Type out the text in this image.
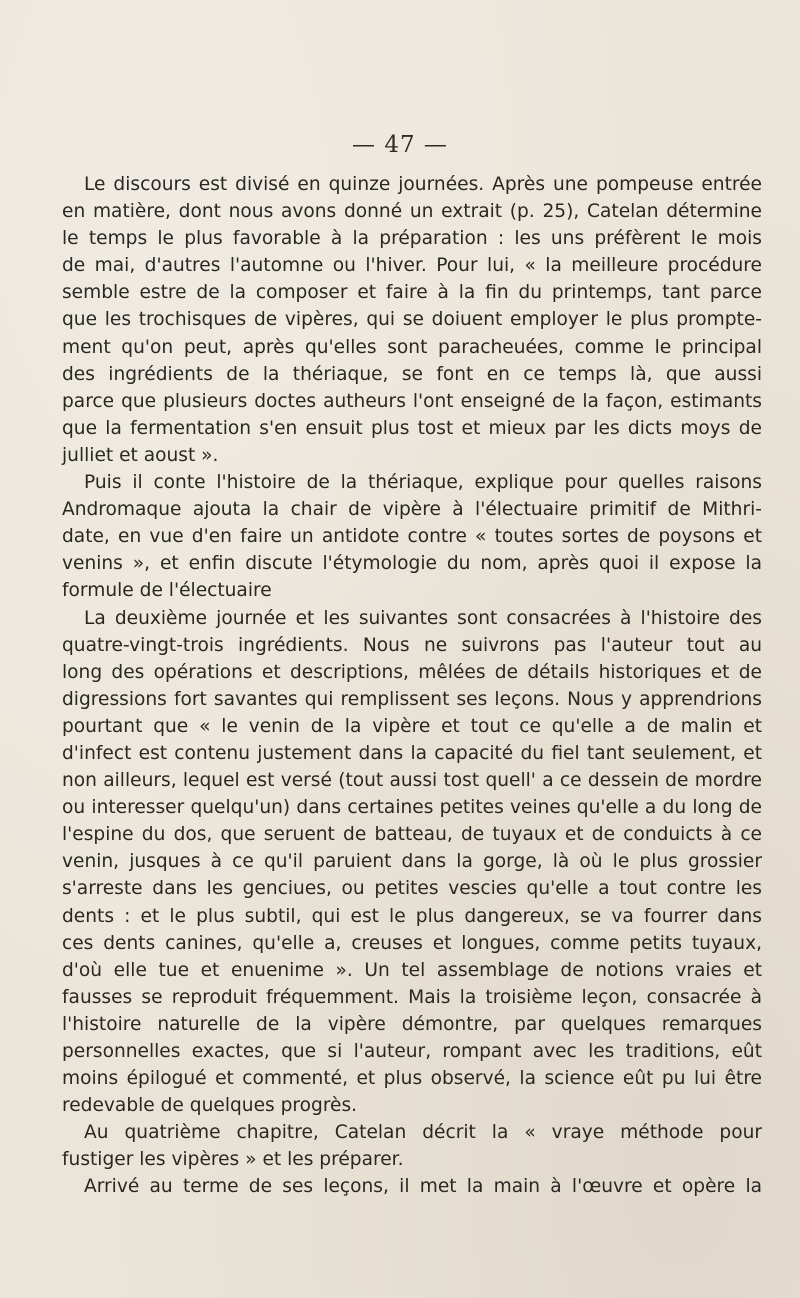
— 47 —
Le discours est divisé en quinze journées. Après une pompeuse entrée
en matière, dont nous avons donné un extrait (p. 25), Catelan détermine
le temps le plus favorable à la préparation : les uns préfèrent le mois
de mai, d'autres l'automne ou l'hiver. Pour lui, « la meilleure procédure
semble estre de la composer et faire à la fin du printemps, tant parce
que les trochisques de vipères, qui se doiuent employer le plus prompte-
ment qu'on peut, après qu'elles sont paracheuées, comme le principal
des ingrédients de la thériaque, se font en ce temps là, que aussi
parce que plusieurs doctes autheurs l'ont enseigné de la façon, estimants
que la fermentation s'en ensuit plus tost et mieux par les dicts moys de
julliet et aoust ».
Puis il conte l'histoire de la thériaque, explique pour quelles raisons
Andromaque ajouta la chair de vipère à l'électuaire primitif de Mithri-
date, en vue d'en faire un antidote contre « toutes sortes de poysons et
venins », et enfin discute l'étymologie du nom, après quoi il expose la
formule de l'électuaire
La deuxième journée et les suivantes sont consacrées à l'histoire des
quatre-vingt-trois ingrédients. Nous ne suivrons pas l'auteur tout au
long des opérations et descriptions, mêlées de détails historiques et de
digressions fort savantes qui remplissent ses leçons. Nous y apprendrions
pourtant que « le venin de la vipère et tout ce qu'elle a de malin et
d'infect est contenu justement dans la capacité du fiel tant seulement, et
non ailleurs, lequel est versé (tout aussi tost quell' a ce dessein de mordre
ou interesser quelqu'un) dans certaines petites veines qu'elle a du long de
l'espine du dos, que seruent de batteau, de tuyaux et de conduicts à ce
venin, jusques à ce qu'il paruient dans la gorge, là où le plus grossier
s'arreste dans les genciues, ou petites vescies qu'elle a tout contre les
dents : et le plus subtil, qui est le plus dangereux, se va fourrer dans
ces dents canines, qu'elle a, creuses et longues, comme petits tuyaux,
d'où elle tue et enuenime ». Un tel assemblage de notions vraies et
fausses se reproduit fréquemment. Mais la troisième leçon, consacrée à
l'histoire naturelle de la vipère démontre, par quelques remarques
personnelles exactes, que si l'auteur, rompant avec les traditions, eût
moins épilogué et commenté, et plus observé, la science eût pu lui être
redevable de quelques progrès.
Au quatrième chapitre, Catelan décrit la « vraye méthode pour
fustiger les vipères » et les préparer.
Arrivé au terme de ses leçons, il met la main à l'œuvre et opère la
